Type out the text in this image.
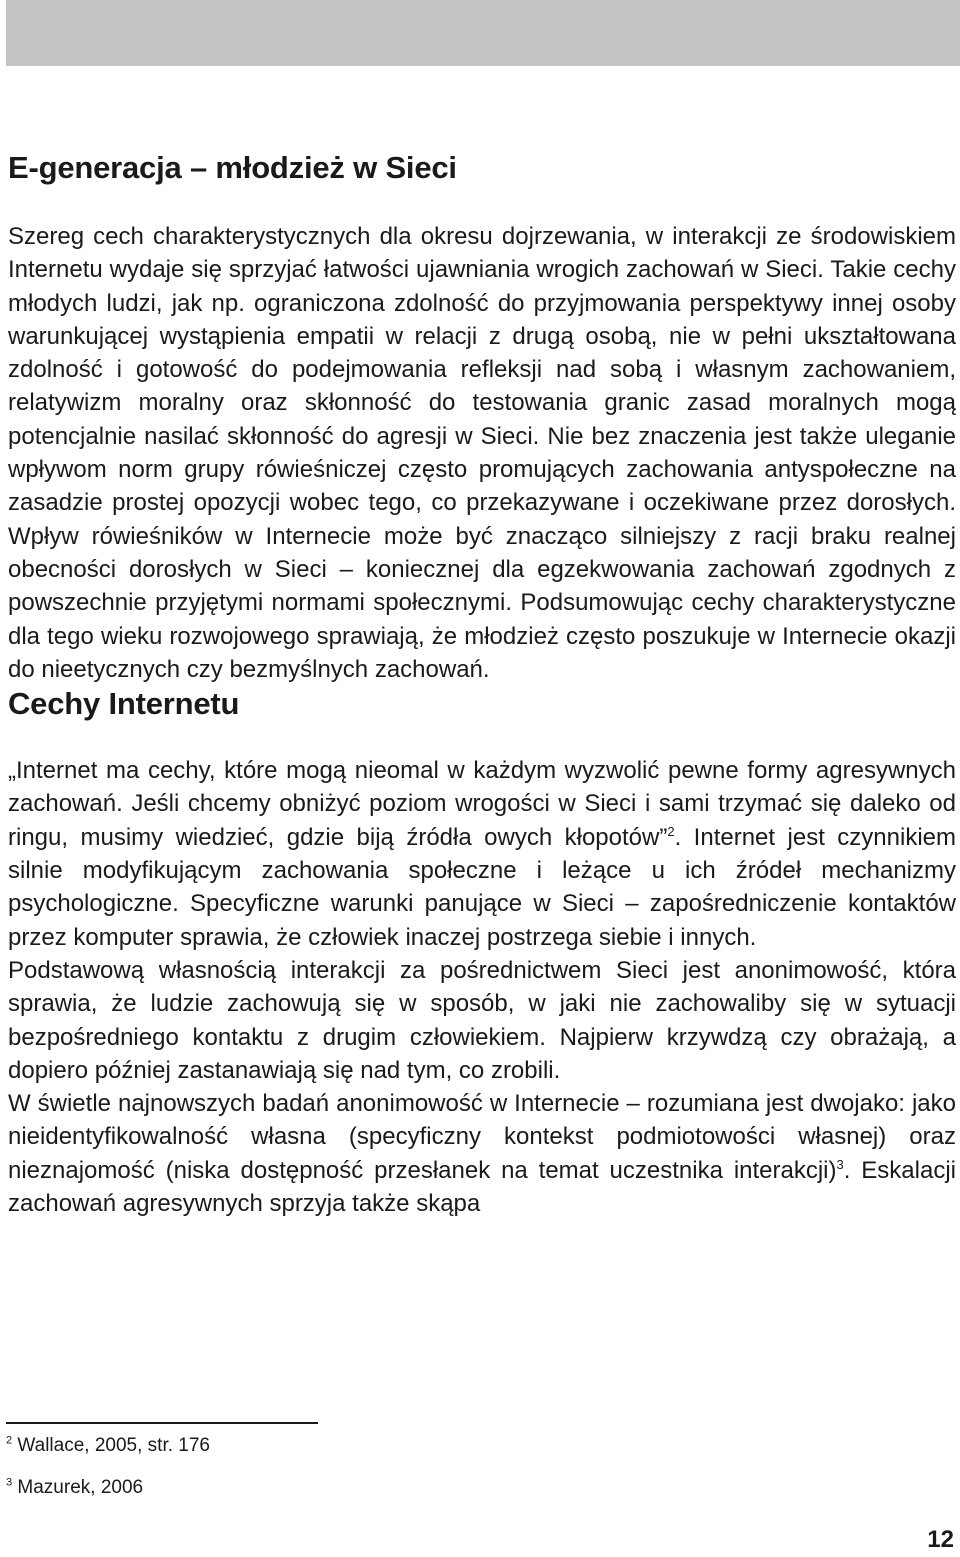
E-generacja – młodzież w Sieci

Szereg cech charakterystycznych dla okresu dojrzewania, w interakcji ze środowiskiem Internetu wydaje się sprzyjać łatwości ujawniania wrogich zachowań w Sieci. Takie cechy młodych ludzi, jak np. ograniczona zdolność do przyjmowania perspektywy innej osoby warunkującej wystąpienia empatii w relacji z drugą osobą, nie w pełni ukształtowana zdolność i gotowość do podejmowania refleksji nad sobą i własnym zachowaniem, relatywizm moralny oraz skłonność do testowania granic zasad moralnych mogą potencjalnie nasilać skłonność do agresji w Sieci. Nie bez znaczenia jest także uleganie wpływom norm grupy rówieśniczej często promujących zachowania antyspołeczne na zasadzie prostej opozycji wobec tego, co przekazywane i oczekiwane przez dorosłych. Wpływ rówieśników w Internecie może być znacząco silniejszy z racji braku realnej obecności dorosłych w Sieci – koniecznej dla egzekwowania zachowań zgodnych z powszechnie przyjętymi normami społecznymi. Podsumowując cechy charakterystyczne dla tego wieku rozwojowego sprawiają, że młodzież często poszukuje w Internecie okazji do nieetycznych czy bezmyślnych zachowań.

Cechy Internetu

„Internet ma cechy, które mogą nieomal w każdym wyzwolić pewne formy agresywnych zachowań. Jeśli chcemy obniżyć poziom wrogości w Sieci i sami trzymać się daleko od ringu, musimy wiedzieć, gdzie biją źródła owych kłopotów”$^2$. Internet jest czynnikiem silnie modyfikującym zachowania społeczne i leżące u ich źródeł mechanizmy psychologiczne. Specyficzne warunki panujące w Sieci – zapośredniczenie kontaktów przez komputer sprawia, że człowiek inaczej postrzega siebie i innych.

Podstawową własnością interakcji za pośrednictwem Sieci jest anonimowość, która sprawia, że ludzie zachowują się w sposób, w jaki nie zachowaliby się w sytuacji bezpośredniego kontaktu z drugim człowiekiem. Najpierw krzywdzą czy obrażają, a dopiero później zastanawiają się nad tym, co zrobili.

W świetle najnowszych badań anonimowość w Internecie – rozumiana jest dwojako: jako nieidentyfikowalność własna (specyficzny kontekst podmiotowości własnej) oraz nieznajomość (niska dostępność przesłanek na temat uczestnika interakcji)$^3$. Eskalacji zachowań agresywnych sprzyja także skąpa

$^2$ Wallace, 2005, str. 176
$^3$ Mazurek, 2006
12
